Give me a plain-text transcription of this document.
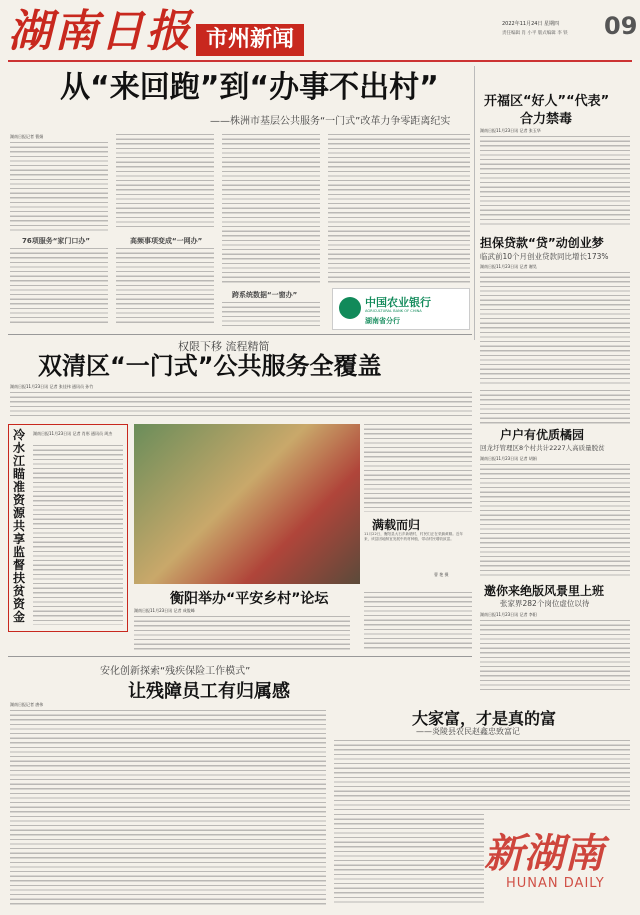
湖南日报 市州新闻
2022年11月24日 星期四
责任编辑 肖 小平 版式编辑 李 铁 09
从“来回跑”到“办事不出村”
——株洲市基层公共服务“一门式”改革力争零距离纪实
湖南日报记者 曹娟
76项服务“家门口办”	高频事项变成“一网办”
跨系统数据“一窗办”
中国农业银行
AGRICULTURAL BANK OF CHINA
湖南省分行
开福区“好人”“代表”
合力禁毒
湖南日报11月23日讯 记者 张玉华
担保贷款“贷”动创业梦
临武前10个月创业贷款同比增长173%
湖南日报11月23日讯 记者 谢昊
权限下移 流程精简
双清区“一门式”公共服务全覆盖
湖南日报11月23日讯 记者 张佳伟 通讯员 孙竹
户户有优质橘园
回龙圩管理区8个村共计2227人高质量脱贫
湖南日报11月23日讯 记者 胡娟
冷水江瞄准资源共享监督扶贫资金
湖南日报11月23日讯 记者 肖彤 通讯员 周杰
满载而归
11月22日，衡阳县大石乡新塘村，村民们正在采摘黄精。近年来，该县因地制宜发展中药材种植，带动村民增收致富。
曹 艳 摄
衡阳举办“平安乡村”论坛
湖南日报11月23日讯 记者 成俊峰
邀你来绝版风景里上班
张家界282个岗位虚位以待
湖南日报11月23日讯 记者 李阳
安化创新探索“残疾保险工作模式”
让残障员工有归属感
湖南日报记者 唐伟
大家富，才是真的富
——炎陵县农民赵鑫忠致富记
新湖南
HUNAN DAILY
